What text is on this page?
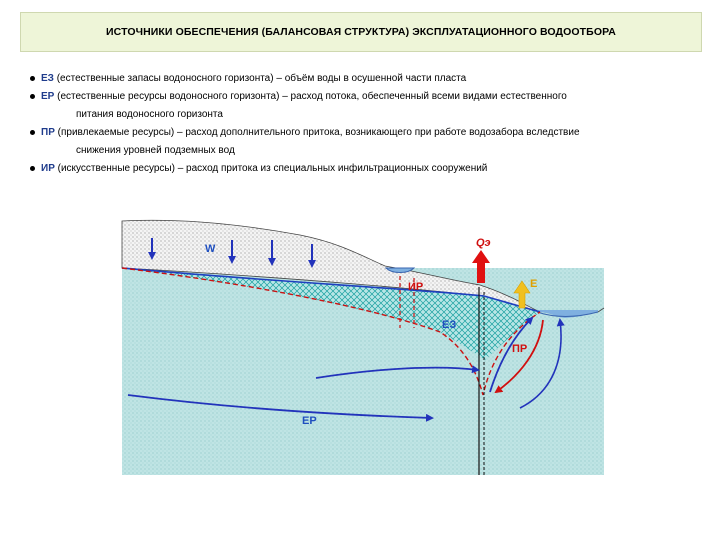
ИСТОЧНИКИ ОБЕСПЕЧЕНИЯ (БАЛАНСОВАЯ СТРУКТУРА) ЭКСПЛУАТАЦИОННОГО ВОДООТБОРА
ЕЗ (естественные запасы водоносного горизонта) – объём воды в осушенной части пласта
ЕР (естественные ресурсы водоносного горизонта) – расход потока, обеспеченный всеми видами естественного
питания водоносного горизонта
ПР (привлекаемые ресурсы) – расход дополнительного притока, возникающего при работе водозабора вследствие
снижения уровней подземных вод
ИР (искусственные ресурсы) – расход притока из специальных инфильтрационных сооружений
W	Qэ
Е
ИР
ЕЗ
ПР
ЕР
